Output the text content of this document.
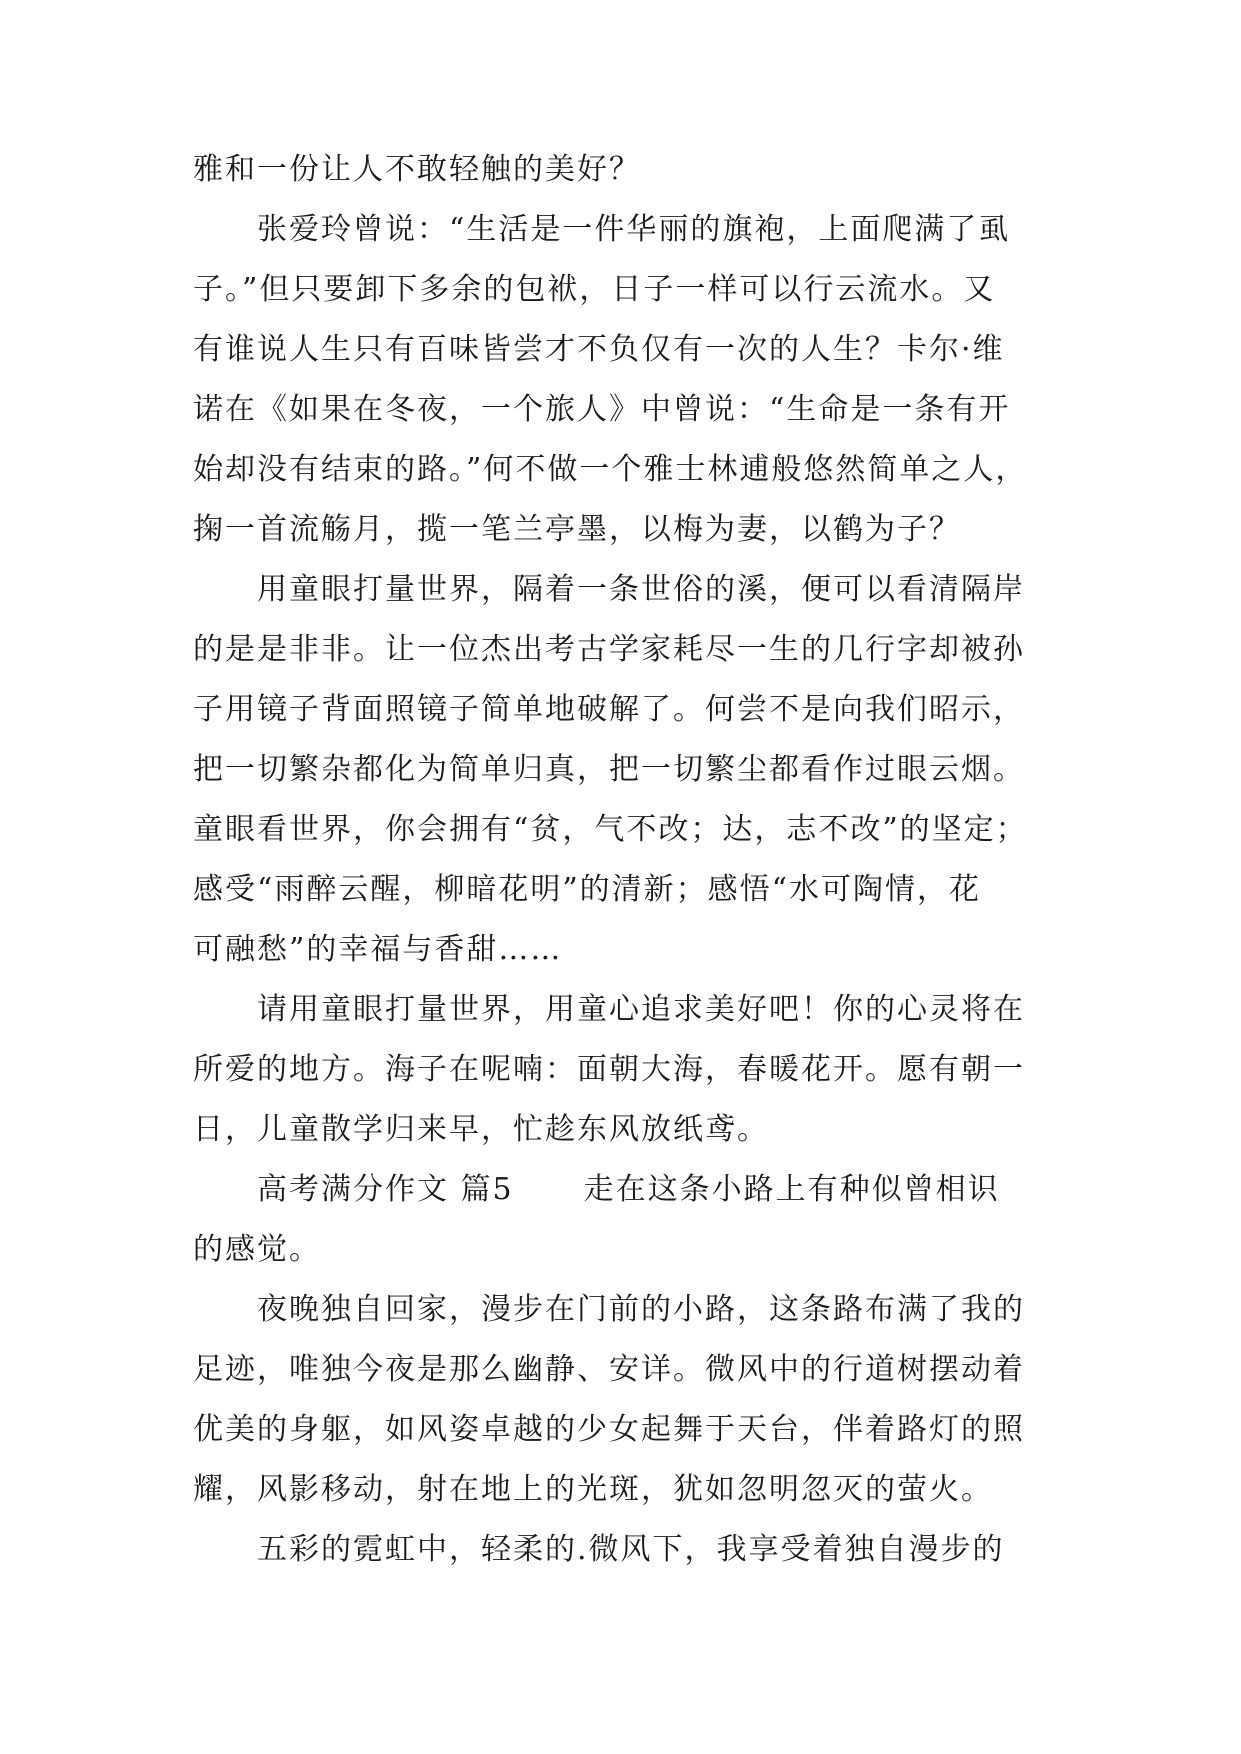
雅和一份让人不敢轻触的美好？
张爱玲曾说：“生活是一件华丽的旗袍，上面爬满了虱
子。”但只要卸下多余的包袱，日子一样可以行云流水。又
有谁说人生只有百味皆尝才不负仅有一次的人生？卡尔·维
诺在《如果在冬夜，一个旅人》中曾说：“生命是一条有开
始却没有结束的路。”何不做一个雅士林逋般悠然简单之人，
掬一首流觞月，揽一笔兰亭墨，以梅为妻，以鹤为子？
用童眼打量世界，隔着一条世俗的溪，便可以看清隔岸
的是是非非。让一位杰出考古学家耗尽一生的几行字却被孙
子用镜子背面照镜子简单地破解了。何尝不是向我们昭示，
把一切繁杂都化为简单归真，把一切繁尘都看作过眼云烟。
童眼看世界，你会拥有“贫，气不改；达，志不改”的坚定；
感受“雨醉云醒，柳暗花明”的清新；感悟“水可陶情，花
可融愁”的幸福与香甜……
请用童眼打量世界，用童心追求美好吧！你的心灵将在
所爱的地方。海子在呢喃：面朝大海，春暖花开。愿有朝一
日，儿童散学归来早，忙趁东风放纸鸢。
高考满分作文 篇5 走在这条小路上有种似曾相识
的感觉。
夜晚独自回家，漫步在门前的小路，这条路布满了我的
足迹，唯独今夜是那么幽静、安详。微风中的行道树摆动着
优美的身躯，如风姿卓越的少女起舞于天台，伴着路灯的照
耀，风影移动，射在地上的光斑，犹如忽明忽灭的萤火。
五彩的霓虹中，轻柔的.微风下，我享受着独自漫步的
